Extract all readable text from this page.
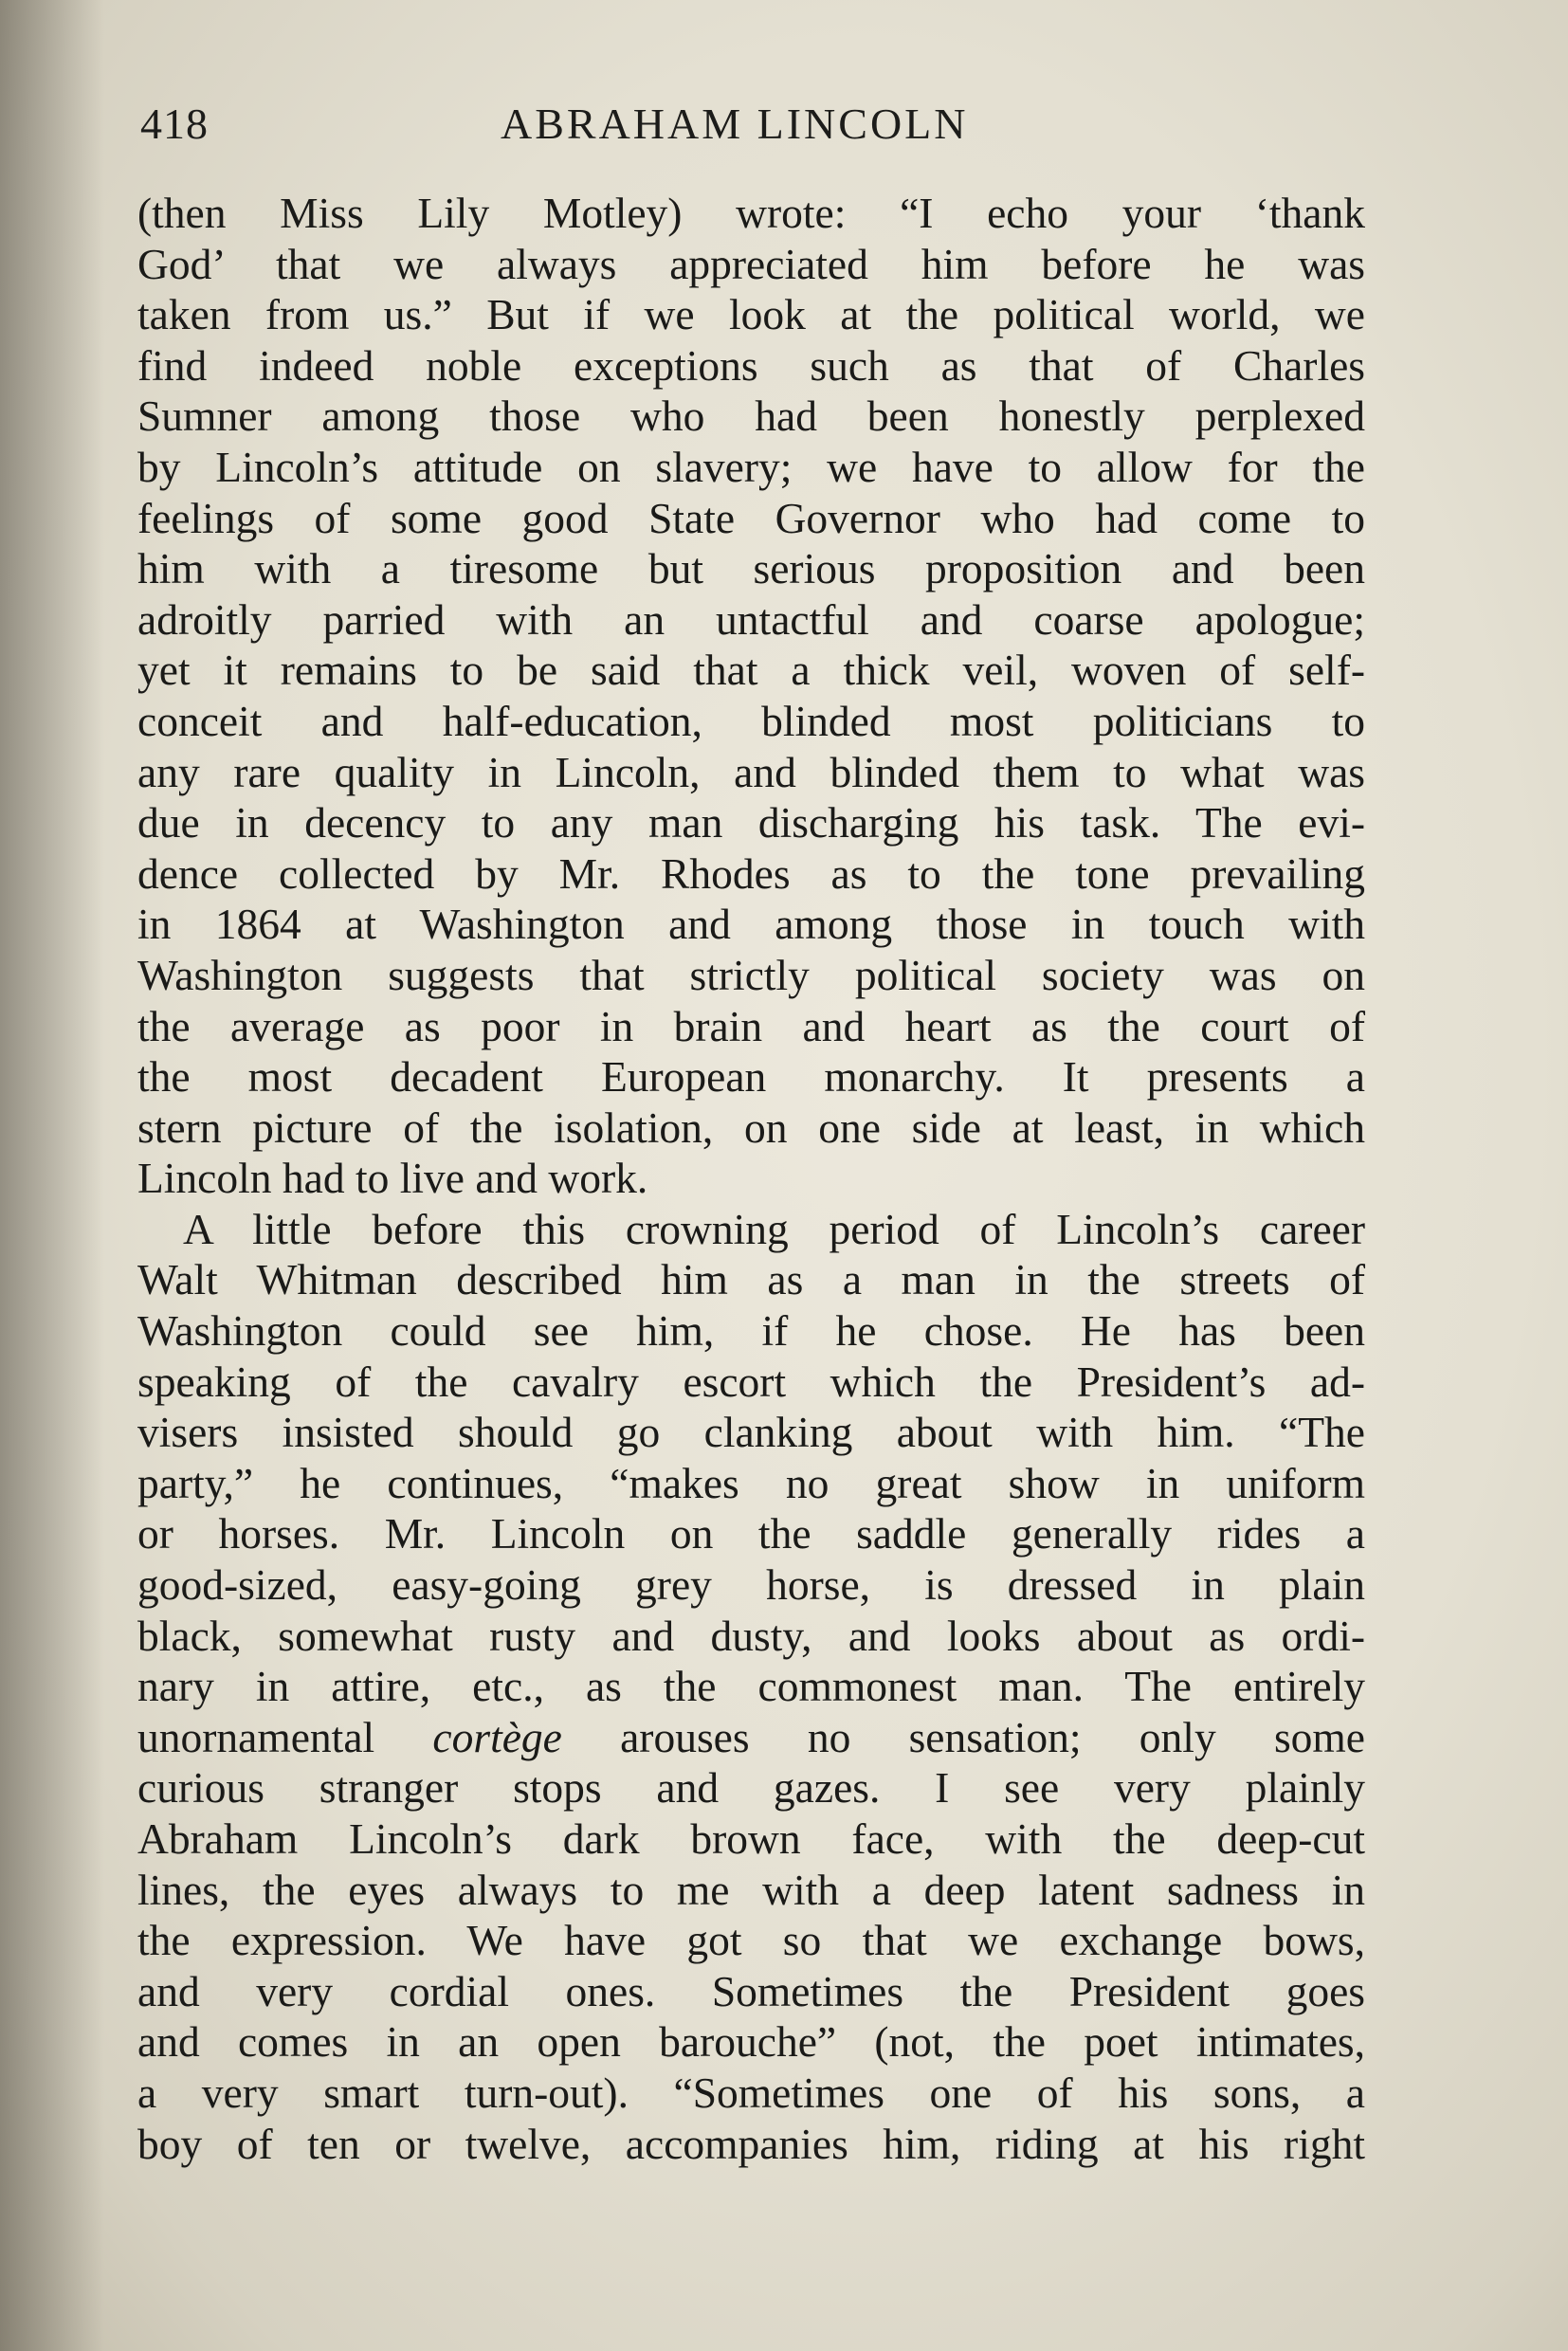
418	ABRAHAM LINCOLN
(then Miss Lily Motley) wrote: “I echo your ‘thank
God’ that we always appreciated him before he was
taken from us.” But if we look at the political world, we
find indeed noble exceptions such as that of Charles
Sumner among those who had been honestly perplexed
by Lincoln’s attitude on slavery; we have to allow for the
feelings of some good State Governor who had come to
him with a tiresome but serious proposition and been
adroitly parried with an untactful and coarse apologue;
yet it remains to be said that a thick veil, woven of self-
conceit and half-education, blinded most politicians to
any rare quality in Lincoln, and blinded them to what was
due in decency to any man discharging his task. The evi-
dence collected by Mr. Rhodes as to the tone prevailing
in 1864 at Washington and among those in touch with
Washington suggests that strictly political society was on
the average as poor in brain and heart as the court of
the most decadent European monarchy. It presents a
stern picture of the isolation, on one side at least, in which
Lincoln had to live and work.
A little before this crowning period of Lincoln’s career
Walt Whitman described him as a man in the streets of
Washington could see him, if he chose. He has been
speaking of the cavalry escort which the President’s ad-
visers insisted should go clanking about with him. “The
party,” he continues, “makes no great show in uniform
or horses. Mr. Lincoln on the saddle generally rides a
good-sized, easy-going grey horse, is dressed in plain
black, somewhat rusty and dusty, and looks about as ordi-
nary in attire, etc., as the commonest man. The entirely
unornamental cortège arouses no sensation; only some
curious stranger stops and gazes. I see very plainly
Abraham Lincoln’s dark brown face, with the deep-cut
lines, the eyes always to me with a deep latent sadness in
the expression. We have got so that we exchange bows,
and very cordial ones. Sometimes the President goes
and comes in an open barouche” (not, the poet intimates,
a very smart turn-out). “Sometimes one of his sons, a
boy of ten or twelve, accompanies him, riding at his right
